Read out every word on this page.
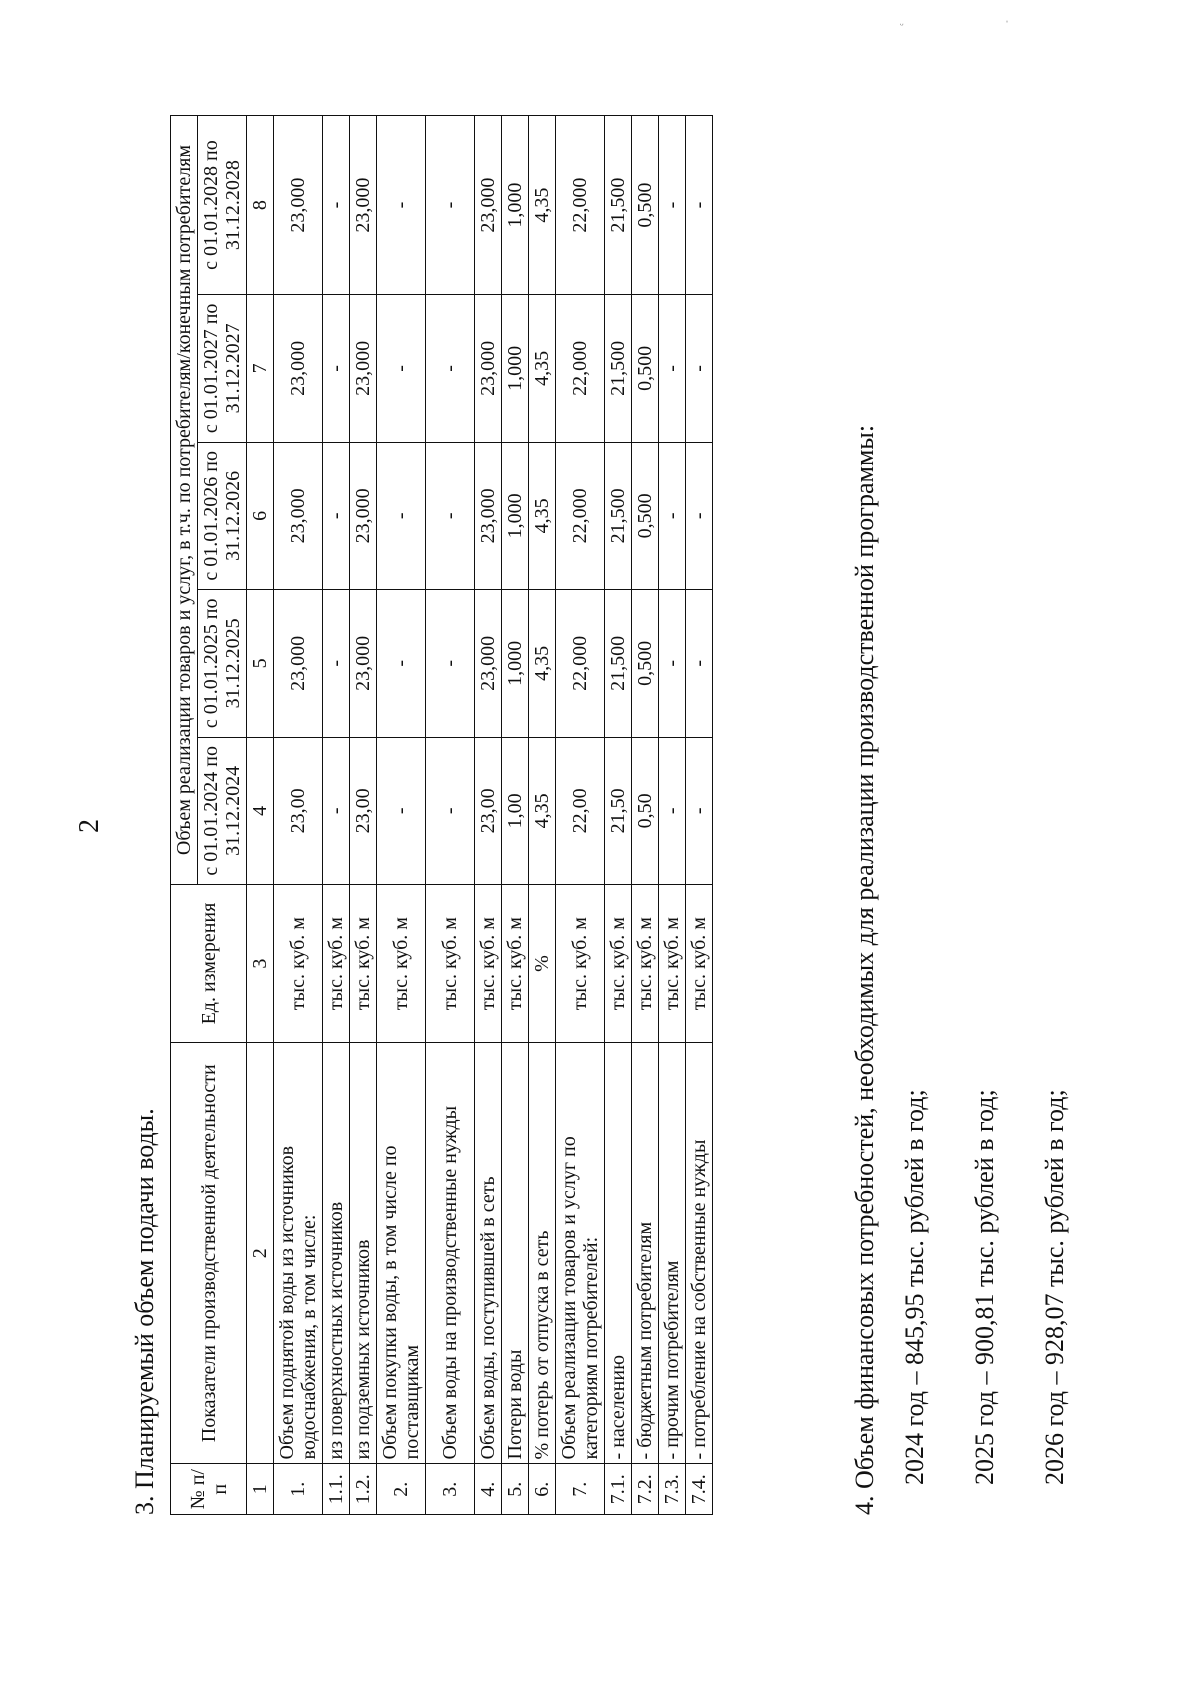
2
ᵕ	ˈ
3. Планируемый объем подачи воды. № п/п	Показатели производственной деятельности	Ед. измерения	Объем реализации товаров и услуг, в т.ч. по потребителям/конечным потребителям				
			с 01.01.2024 по 31.12.2024	с 01.01.2025 по 31.12.2025	с 01.01.2026 по 31.12.2026	с 01.01.2027 по 31.12.2027	с 01.01.2028 по 31.12.2028
1	2	3	4	5	6	7	8
1.	Объем поднятой воды из источников водоснабжения, в том числе:	тыс. куб. м	23,00	23,000	23,000	23,000	23,000
1.1.	из поверхностных источников	тыс. куб. м	-	-	-	-	-
1.2.	из подземных источников	тыс. куб. м	23,00	23,000	23,000	23,000	23,000
2.	Объем покупки воды, в том числе по поставщикам	тыс. куб. м	-	-	-	-	-
3.	Объем воды на производственные нужды	тыс. куб. м	-	-	-	-	-
4.	Объем воды, поступившей в сеть	тыс. куб. м	23,00	23,000	23,000	23,000	23,000
5.	Потери воды	тыс. куб. м	1,00	1,000	1,000	1,000	1,000
6.	% потерь от отпуска в сеть	%	4,35	4,35	4,35	4,35	4,35
7.	Объем реализации товаров и услуг по категориям потребителей:	тыс. куб. м	22,00	22,000	22,000	22,000	22,000
7.1.	- населению	тыс. куб. м	21,50	21,500	21,500	21,500	21,500
7.2.	- бюджетным потребителям	тыс. куб. м	0,50	0,500	0,500	0,500	0,500
7.3.	- прочим потребителям	тыс. куб. м	-	-	-	-	-
7.4.	- потребление на собственные нужды	тыс. куб. м	-	-	-	-	-
4. Объем финансовых потребностей, необходимых для реализации производственной программы: 2024 год – 845,95 тыс. рублей в год; 2025 год – 900,81 тыс. рублей в год; 2026 год – 928,07 тыс. рублей в год;
